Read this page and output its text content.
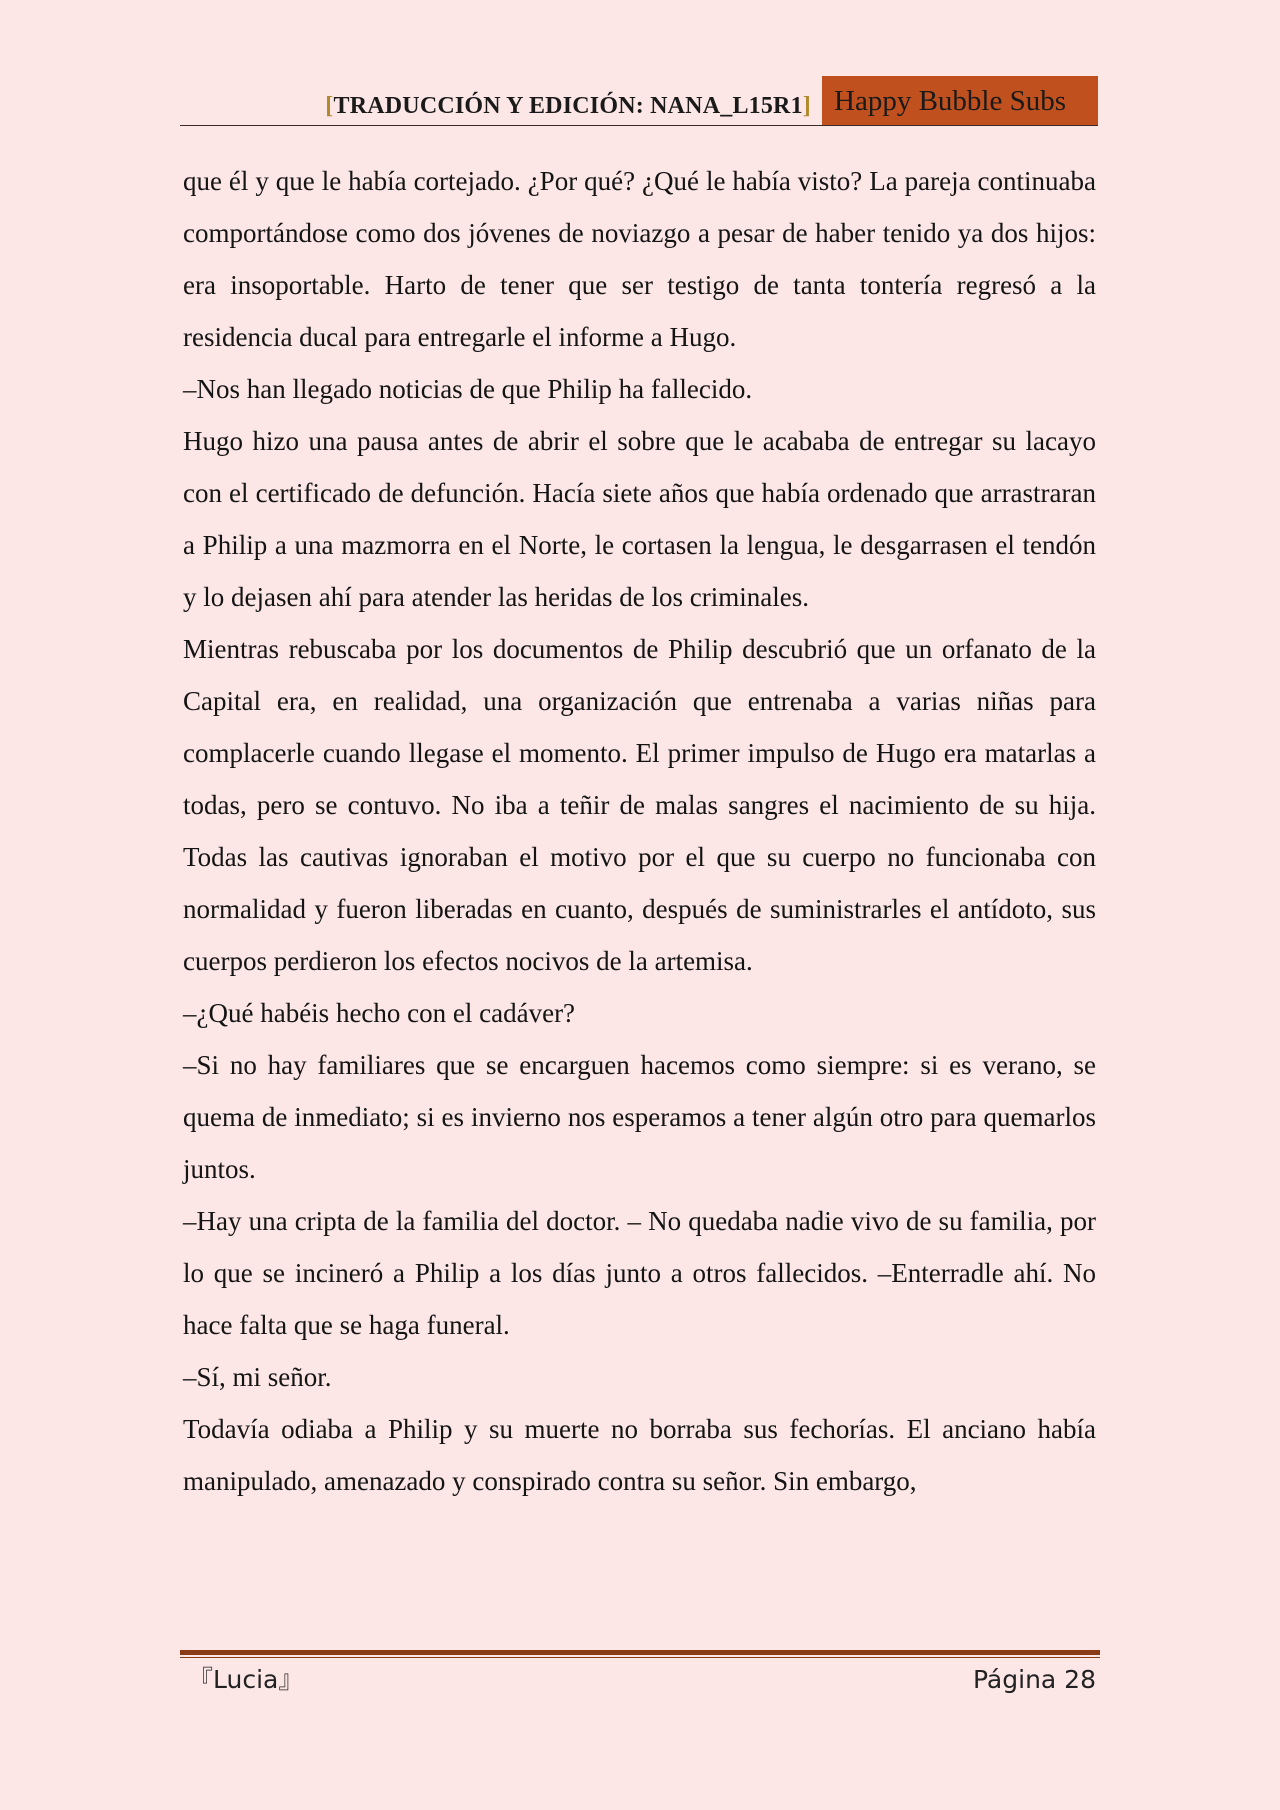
[TRADUCCIÓN Y EDICIÓN: NANA_L15R1] Happy Bubble Subs

que él y que le había cortejado. ¿Por qué? ¿Qué le había visto? La pareja continuaba comportándose como dos jóvenes de noviazgo a pesar de haber tenido ya dos hijos: era insoportable. Harto de tener que ser testigo de tanta tontería regresó a la residencia ducal para entregarle el informe a Hugo.

–Nos han llegado noticias de que Philip ha fallecido.

Hugo hizo una pausa antes de abrir el sobre que le acababa de entregar su lacayo con el certificado de defunción. Hacía siete años que había ordenado que arrastraran a Philip a una mazmorra en el Norte, le cortasen la lengua, le desgarrasen el tendón y lo dejasen ahí para atender las heridas de los criminales.

Mientras rebuscaba por los documentos de Philip descubrió que un orfanato de la Capital era, en realidad, una organización que entrenaba a varias niñas para complacerle cuando llegase el momento. El primer impulso de Hugo era matarlas a todas, pero se contuvo. No iba a teñir de malas sangres el nacimiento de su hija. Todas las cautivas ignoraban el motivo por el que su cuerpo no funcionaba con normalidad y fueron liberadas en cuanto, después de suministrarles el antídoto, sus cuerpos perdieron los efectos nocivos de la artemisa.

–¿Qué habéis hecho con el cadáver?

–Si no hay familiares que se encarguen hacemos como siempre: si es verano, se quema de inmediato; si es invierno nos esperamos a tener algún otro para quemarlos juntos.

–Hay una cripta de la familia del doctor. – No quedaba nadie vivo de su familia, por lo que se incineró a Philip a los días junto a otros fallecidos. –Enterradle ahí. No hace falta que se haga funeral.

–Sí, mi señor.

Todavía odiaba a Philip y su muerte no borraba sus fechorías. El anciano había manipulado, amenazado y conspirado contra su señor. Sin embargo,

『Lucia』	Página 28
